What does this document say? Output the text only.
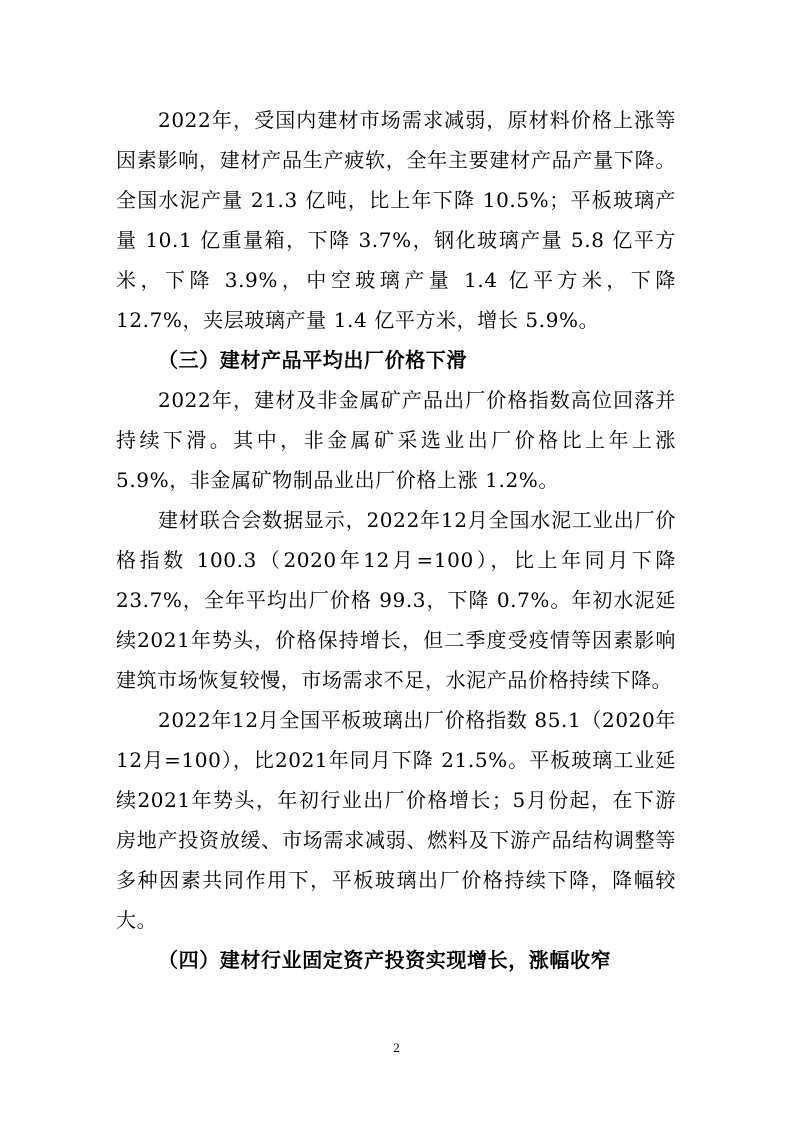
2022年，受国内建材市场需求减弱，原材料价格上涨等因素影响，建材产品生产疲软，全年主要建材产品产量下降。全国水泥产量 21.3 亿吨，比上年下降 10.5%；平板玻璃产量 10.1 亿重量箱，下降 3.7%，钢化玻璃产量 5.8 亿平方米，下降 3.9%，中空玻璃产量 1.4 亿平方米，下降 12.7%，夹层玻璃产量 1.4 亿平方米，增长 5.9%。

（三）建材产品平均出厂价格下滑

2022年，建材及非金属矿产品出厂价格指数高位回落并持续下滑。其中，非金属矿采选业出厂价格比上年上涨 5.9%，非金属矿物制品业出厂价格上涨 1.2%。

建材联合会数据显示，2022年12月全国水泥工业出厂价格指数 100.3（2020年12月=100），比上年同月下降 23.7%，全年平均出厂价格 99.3，下降 0.7%。年初水泥延续2021年势头，价格保持增长，但二季度受疫情等因素影响建筑市场恢复较慢，市场需求不足，水泥产品价格持续下降。

2022年12月全国平板玻璃出厂价格指数 85.1（2020年12月=100），比2021年同月下降 21.5%。平板玻璃工业延续2021年势头，年初行业出厂价格增长；5月份起，在下游房地产投资放缓、市场需求减弱、燃料及下游产品结构调整等多种因素共同作用下，平板玻璃出厂价格持续下降，降幅较大。

（四）建材行业固定资产投资实现增长，涨幅收窄

2
